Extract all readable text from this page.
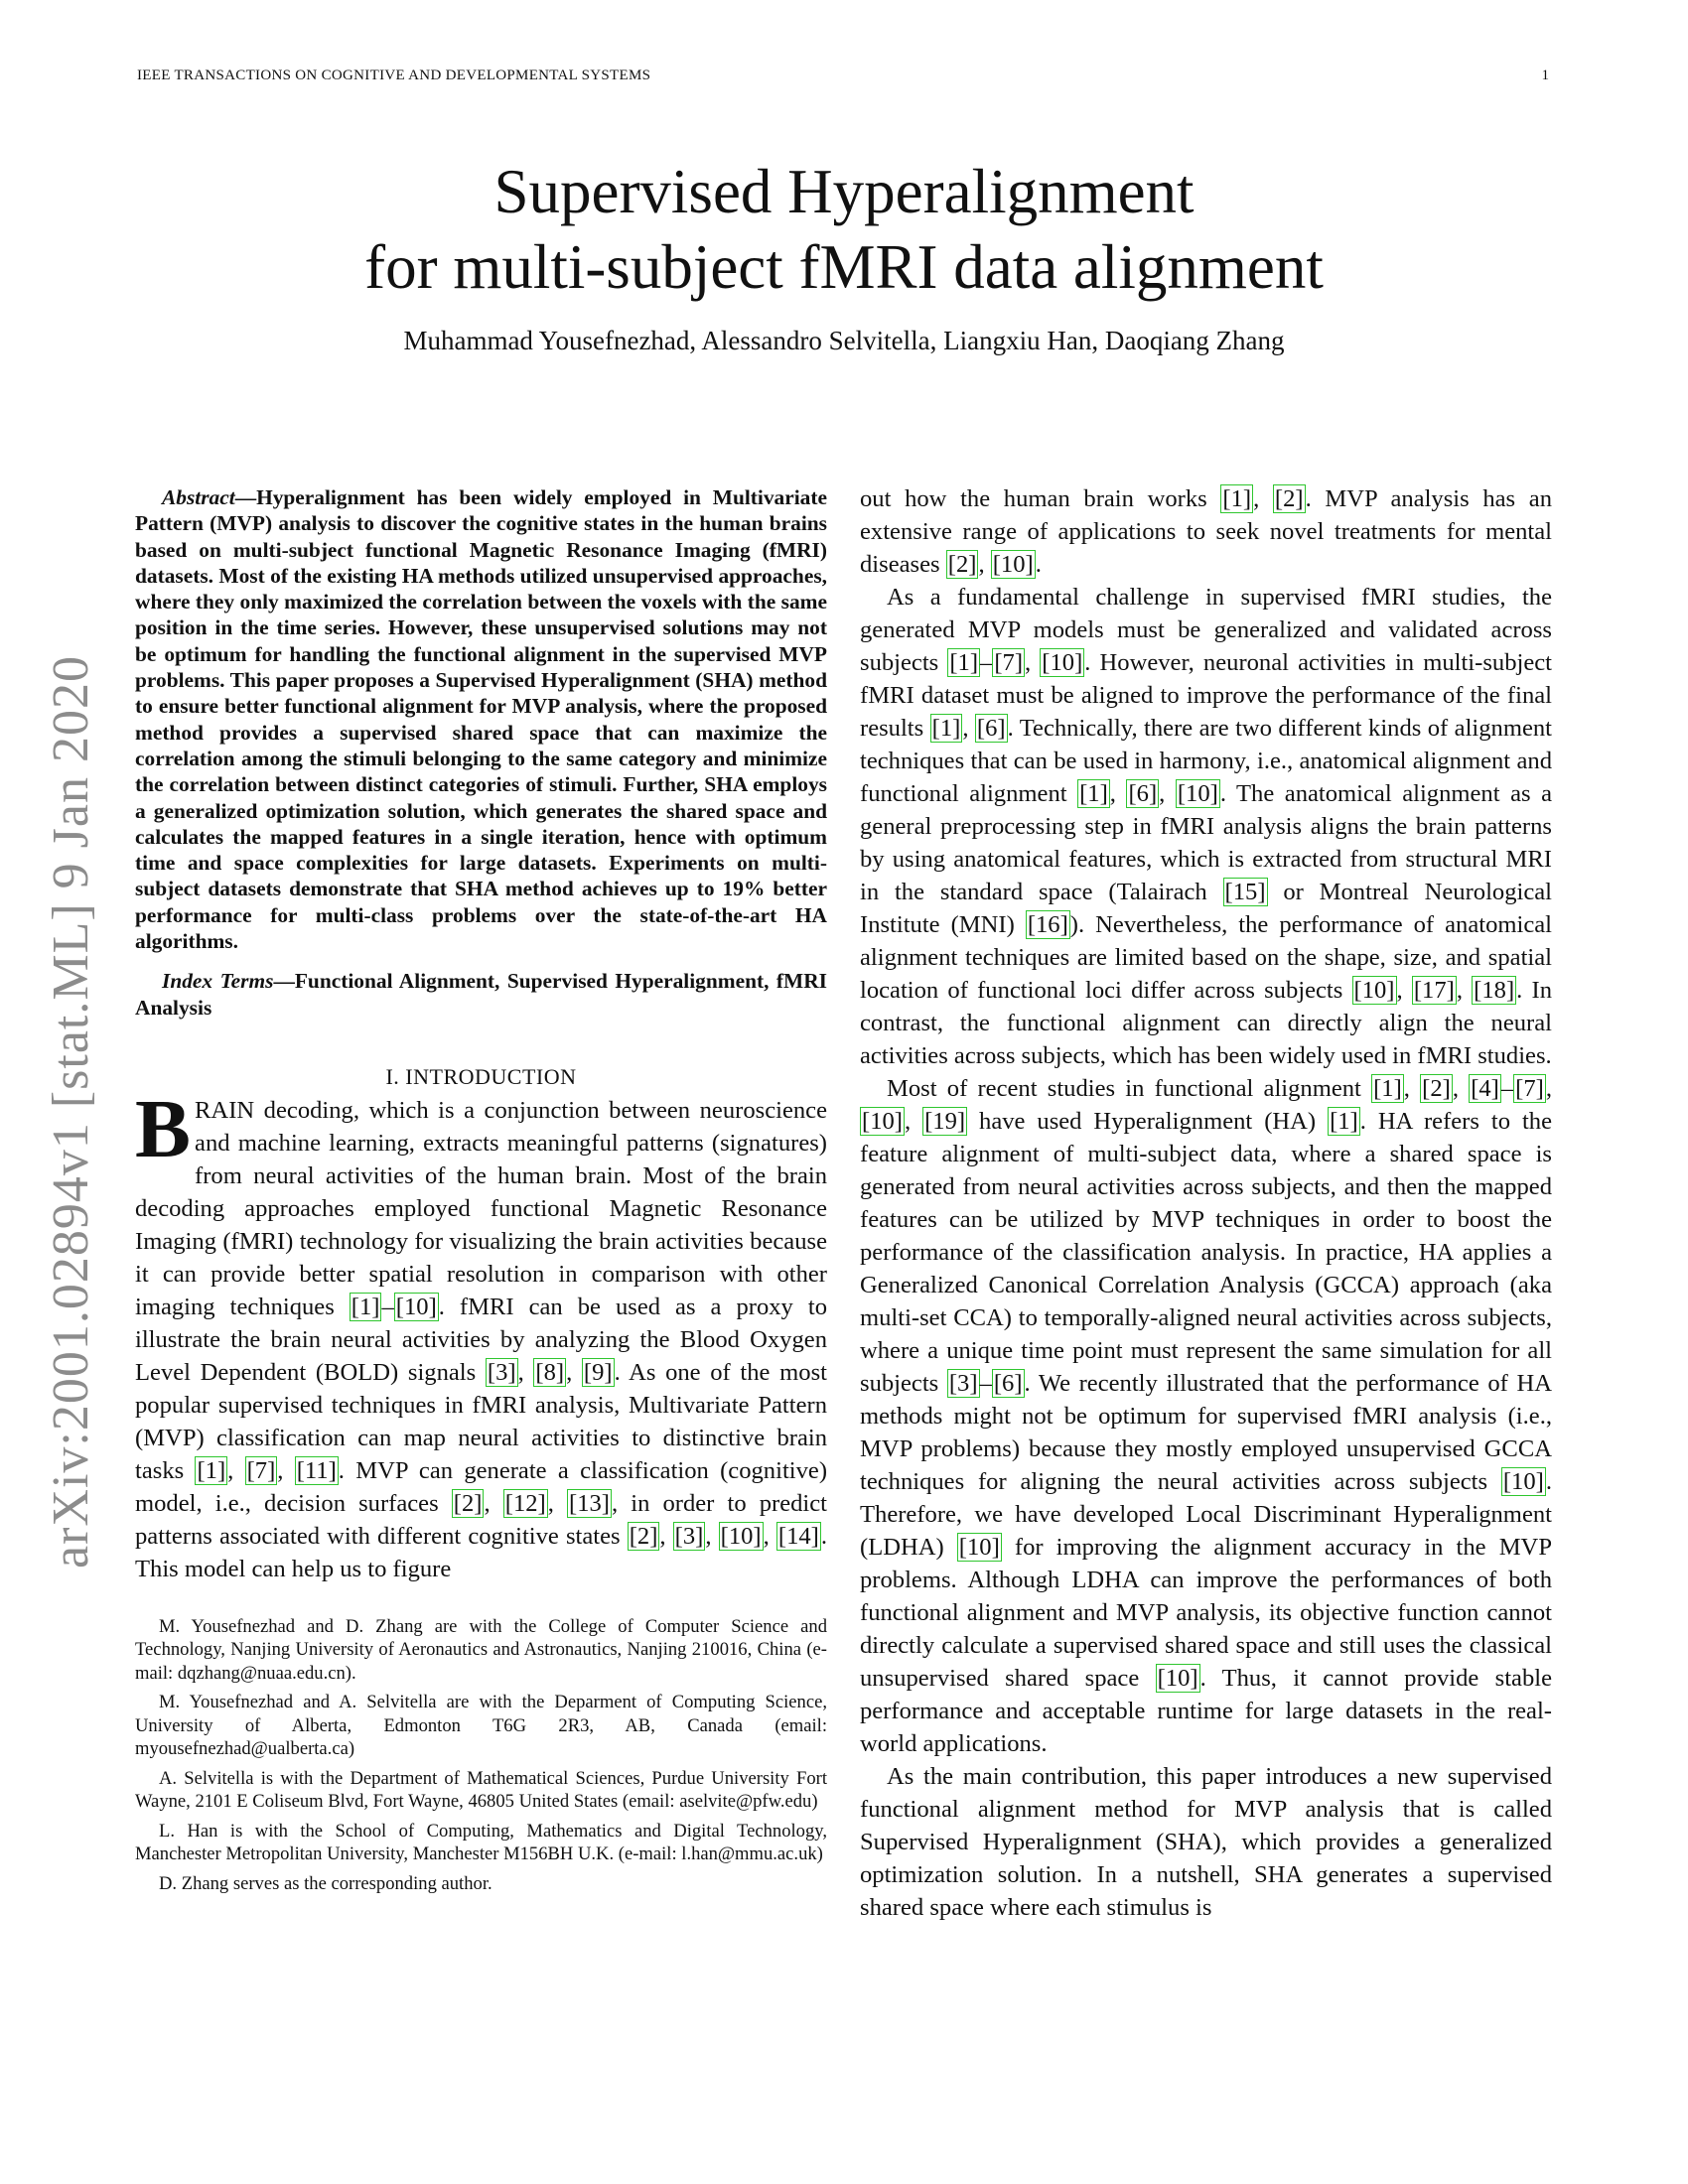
IEEE TRANSACTIONS ON COGNITIVE AND DEVELOPMENTAL SYSTEMS	1
Supervised Hyperalignment
for multi-subject fMRI data alignment
Muhammad Yousefnezhad, Alessandro Selvitella, Liangxiu Han, Daoqiang Zhang
arXiv:2001.02894v1 [stat.ML] 9 Jan 2020

Abstract—Hyperalignment has been widely employed in Multivariate Pattern (MVP) analysis to discover the cognitive states in the human brains based on multi-subject functional Magnetic Resonance Imaging (fMRI) datasets. Most of the existing HA methods utilized unsupervised approaches, where they only maximized the correlation between the voxels with the same position in the time series. However, these unsupervised solutions may not be optimum for handling the functional alignment in the supervised MVP problems. This paper proposes a Supervised Hyperalignment (SHA) method to ensure better functional alignment for MVP analysis, where the proposed method provides a supervised shared space that can maximize the correlation among the stimuli belonging to the same category and minimize the correlation between distinct categories of stimuli. Further, SHA employs a generalized optimization solution, which generates the shared space and calculates the mapped features in a single iteration, hence with optimum time and space complexities for large datasets. Experiments on multi-subject datasets demonstrate that SHA method achieves up to 19% better performance for multi-class problems over the state-of-the-art HA algorithms.

Index Terms—Functional Alignment, Supervised Hyperalignment, fMRI Analysis

I. INTRODUCTION

BRAIN decoding, which is a conjunction between neuroscience and machine learning, extracts meaningful patterns (signatures) from neural activities of the human brain. Most of the brain decoding approaches employed functional Magnetic Resonance Imaging (fMRI) technology for visualizing the brain activities because it can provide better spatial resolution in comparison with other imaging techniques [1]–[10]. fMRI can be used as a proxy to illustrate the brain neural activities by analyzing the Blood Oxygen Level Dependent (BOLD) signals [3], [8], [9]. As one of the most popular supervised techniques in fMRI analysis, Multivariate Pattern (MVP) classification can map neural activities to distinctive brain tasks [1], [7], [11]. MVP can generate a classification (cognitive) model, i.e., decision surfaces [2], [12], [13], in order to predict patterns associated with different cognitive states [2], [3], [10], [14]. This model can help us to figure

M. Yousefnezhad and D. Zhang are with the College of Computer Science and Technology, Nanjing University of Aeronautics and Astronautics, Nanjing 210016, China (e-mail: dqzhang@nuaa.edu.cn).

M. Yousefnezhad and A. Selvitella are with the Deparment of Computing Science, University of Alberta, Edmonton T6G 2R3, AB, Canada (email: myousefnezhad@ualberta.ca)

A. Selvitella is with the Department of Mathematical Sciences, Purdue University Fort Wayne, 2101 E Coliseum Blvd, Fort Wayne, 46805 United States (email: aselvite@pfw.edu)

L. Han is with the School of Computing, Mathematics and Digital Technology, Manchester Metropolitan University, Manchester M156BH U.K. (e-mail: l.han@mmu.ac.uk)

D. Zhang serves as the corresponding author.

out how the human brain works [1], [2]. MVP analysis has an extensive range of applications to seek novel treatments for mental diseases [2], [10].

As a fundamental challenge in supervised fMRI studies, the generated MVP models must be generalized and validated across subjects [1]–[7], [10]. However, neuronal activities in multi-subject fMRI dataset must be aligned to improve the performance of the final results [1], [6]. Technically, there are two different kinds of alignment techniques that can be used in harmony, i.e., anatomical alignment and functional alignment [1], [6], [10]. The anatomical alignment as a general preprocessing step in fMRI analysis aligns the brain patterns by using anatomical features, which is extracted from structural MRI in the standard space (Talairach [15] or Montreal Neurological Institute (MNI) [16]). Nevertheless, the performance of anatomical alignment techniques are limited based on the shape, size, and spatial location of functional loci differ across subjects [10], [17], [18]. In contrast, the functional alignment can directly align the neural activities across subjects, which has been widely used in fMRI studies.

Most of recent studies in functional alignment [1], [2], [4]–[7], [10], [19] have used Hyperalignment (HA) [1]. HA refers to the feature alignment of multi-subject data, where a shared space is generated from neural activities across subjects, and then the mapped features can be utilized by MVP techniques in order to boost the performance of the classification analysis. In practice, HA applies a Generalized Canonical Correlation Analysis (GCCA) approach (aka multi-set CCA) to temporally-aligned neural activities across subjects, where a unique time point must represent the same simulation for all subjects [3]–[6]. We recently illustrated that the performance of HA methods might not be optimum for supervised fMRI analysis (i.e., MVP problems) because they mostly employed unsupervised GCCA techniques for aligning the neural activities across subjects [10]. Therefore, we have developed Local Discriminant Hyperalignment (LDHA) [10] for improving the alignment accuracy in the MVP problems. Although LDHA can improve the performances of both functional alignment and MVP analysis, its objective function cannot directly calculate a supervised shared space and still uses the classical unsupervised shared space [10]. Thus, it cannot provide stable performance and acceptable runtime for large datasets in the real-world applications.

As the main contribution, this paper introduces a new supervised functional alignment method for MVP analysis that is called Supervised Hyperalignment (SHA), which provides a generalized optimization solution. In a nutshell, SHA generates a supervised shared space where each stimulus is
